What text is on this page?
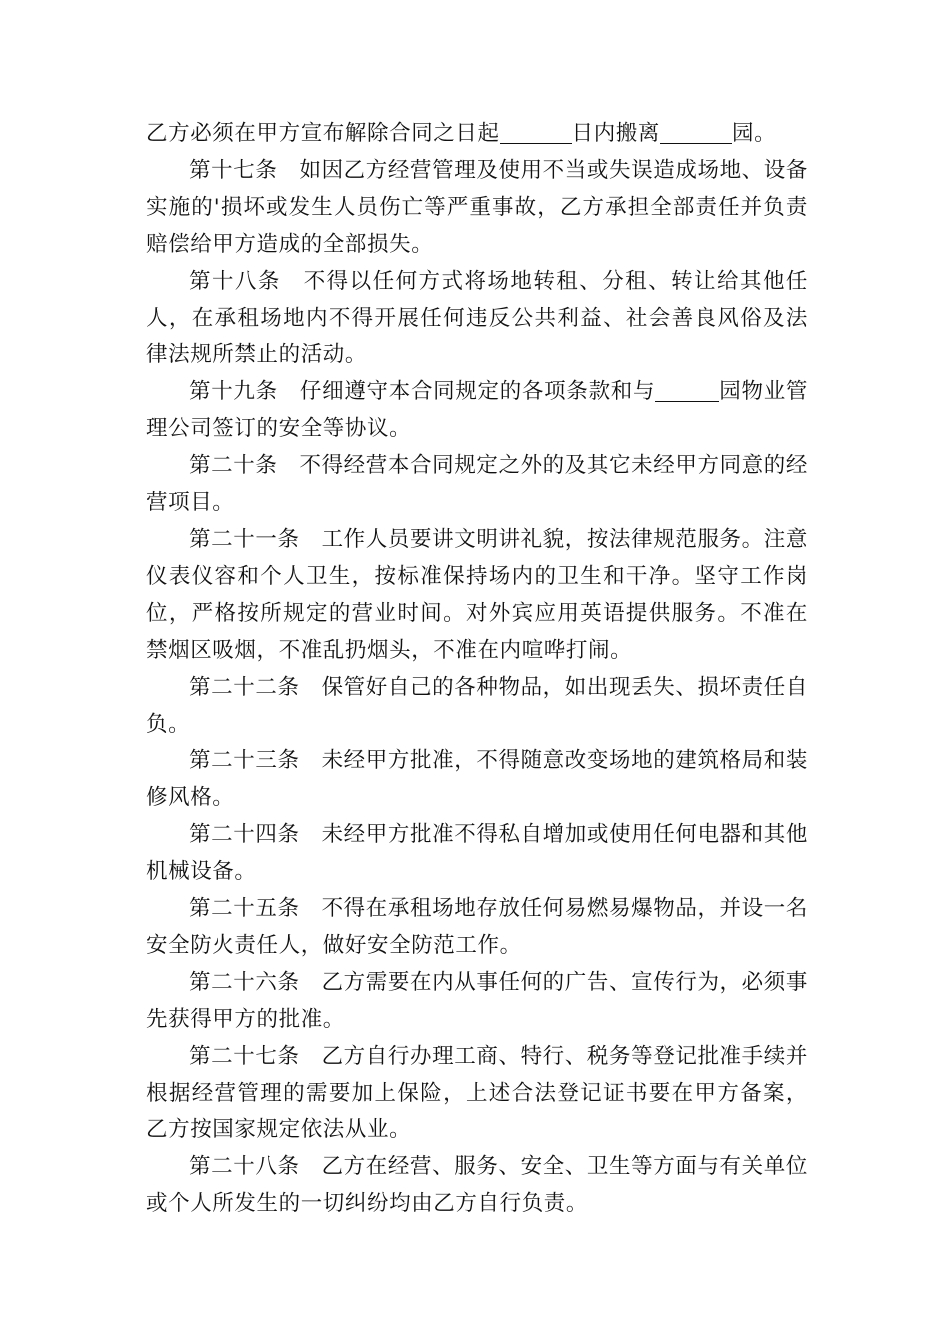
乙方必须在甲方宣布解除合同之日起	日内搬离	园。

第十七条 如因乙方经营管理及使用不当或失误造成场地、设备实施的'损坏或发生人员伤亡等严重事故，乙方承担全部责任并负责赔偿给甲方造成的全部损失。

第十八条 不得以任何方式将场地转租、分租、转让给其他任人，在承租场地内不得开展任何违反公共利益、社会善良风俗及法律法规所禁止的活动。

第十九条 仔细遵守本合同规定的各项条款和与	园物业管理公司签订的安全等协议。

第二十条 不得经营本合同规定之外的及其它未经甲方同意的经营项目。

第二十一条 工作人员要讲文明讲礼貌，按法律规范服务。注意仪表仪容和个人卫生，按标准保持场内的卫生和干净。坚守工作岗位，严格按所规定的营业时间。对外宾应用英语提供服务。不准在禁烟区吸烟，不准乱扔烟头，不准在内喧哗打闹。

第二十二条 保管好自己的各种物品，如出现丢失、损坏责任自负。

第二十三条 未经甲方批准，不得随意改变场地的建筑格局和装修风格。

第二十四条 未经甲方批准不得私自增加或使用任何电器和其他机械设备。

第二十五条 不得在承租场地存放任何易燃易爆物品，并设一名安全防火责任人，做好安全防范工作。

第二十六条 乙方需要在内从事任何的广告、宣传行为，必须事先获得甲方的批准。

第二十七条 乙方自行办理工商、特行、税务等登记批准手续并根据经营管理的需要加上保险，上述合法登记证书要在甲方备案，乙方按国家规定依法从业。

第二十八条 乙方在经营、服务、安全、卫生等方面与有关单位或个人所发生的一切纠纷均由乙方自行负责。
